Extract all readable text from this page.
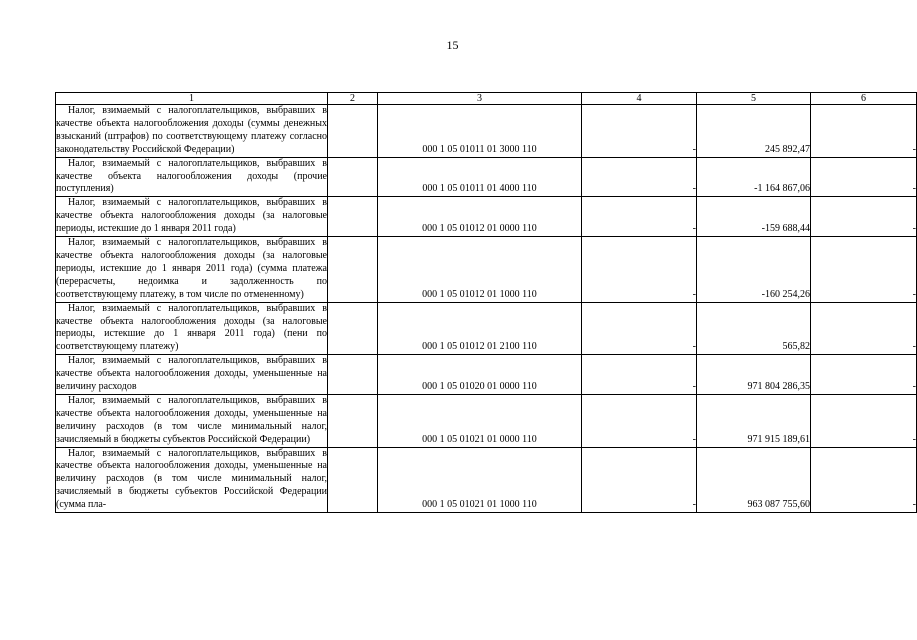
15
1	2	3	4	5	6

Налог, взимаемый с налогоплательщиков, выбравших в качестве объекта налогообложения доходы (суммы денежных взысканий (штрафов) по соответствующему платежу согласно законодательству Российской Федерации)		000 1 05 01011 01 3000 110	-	245 892,47	-

Налог, взимаемый с налогоплательщиков, выбравших в качестве объекта налогообложения доходы (прочие поступления)		000 1 05 01011 01 4000 110	-	-1 164 867,06	-

Налог, взимаемый с налогоплательщиков, выбравших в качестве объекта налогообложения доходы (за налоговые периоды, истекшие до 1 января 2011 года)		000 1 05 01012 01 0000 110	-	-159 688,44	-

Налог, взимаемый с налогоплательщиков, выбравших в качестве объекта налогообложения доходы (за налоговые периоды, истекшие до 1 января 2011 года) (сумма платежа (перерасчеты, недоимка и задолженность по соответствующему платежу, в том числе по отмененному)		000 1 05 01012 01 1000 110	-	-160 254,26	-

Налог, взимаемый с налогоплательщиков, выбравших в качестве объекта налогообложения доходы (за налоговые периоды, истекшие до 1 января 2011 года) (пени по соответствующему платежу)		000 1 05 01012 01 2100 110	-	565,82	-

Налог, взимаемый с налогоплательщиков, выбравших в качестве объекта налогообложения доходы, уменьшенные на величину расходов		000 1 05 01020 01 0000 110	-	971 804 286,35	-

Налог, взимаемый с налогоплательщиков, выбравших в качестве объекта налогообложения доходы, уменьшенные на величину расходов (в том числе минимальный налог, зачисляемый в бюджеты субъектов Российской Федерации)		000 1 05 01021 01 0000 110	-	971 915 189,61	-

Налог, взимаемый с налогоплательщиков, выбравших в качестве объекта налогообложения доходы, уменьшенные на величину расходов (в том числе минимальный налог, зачисляемый в бюджеты субъектов Российской Федерации (сумма пла-		000 1 05 01021 01 1000 110	-	963 087 755,60	-
